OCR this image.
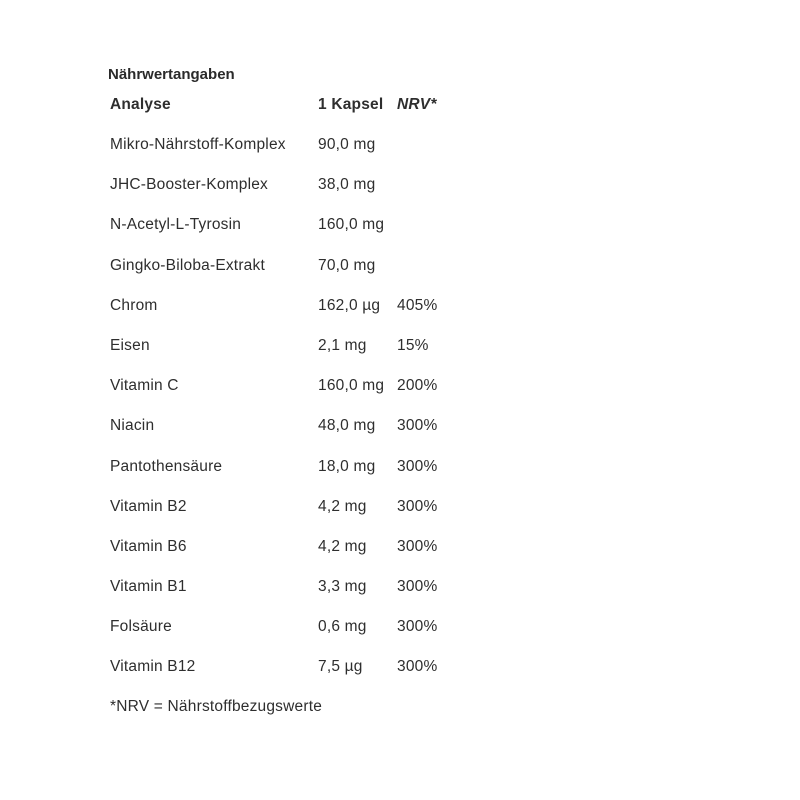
Nährwertangaben
Analyse	1 Kapsel NRV*
Mikro-Nährstoff-Komplex 90,0 mg
JHC-Booster-Komplex	38,0 mg
N-Acetyl-L-Tyrosin	160,0 mg
Gingko-Biloba-Extrakt	70,0 mg
Chrom	162,0 µg 405%
Eisen	2,1 mg 15%
Vitamin C	160,0 mg 200%
Niacin	48,0 mg 300%
Pantothensäure	18,0 mg 300%
Vitamin B2	4,2 mg 300%
Vitamin B6	4,2 mg 300%
Vitamin B1	3,3 mg 300%
Folsäure	0,6 mg 300%
Vitamin B12	7,5 µg 300%
*NRV = Nährstoffbezugswerte
